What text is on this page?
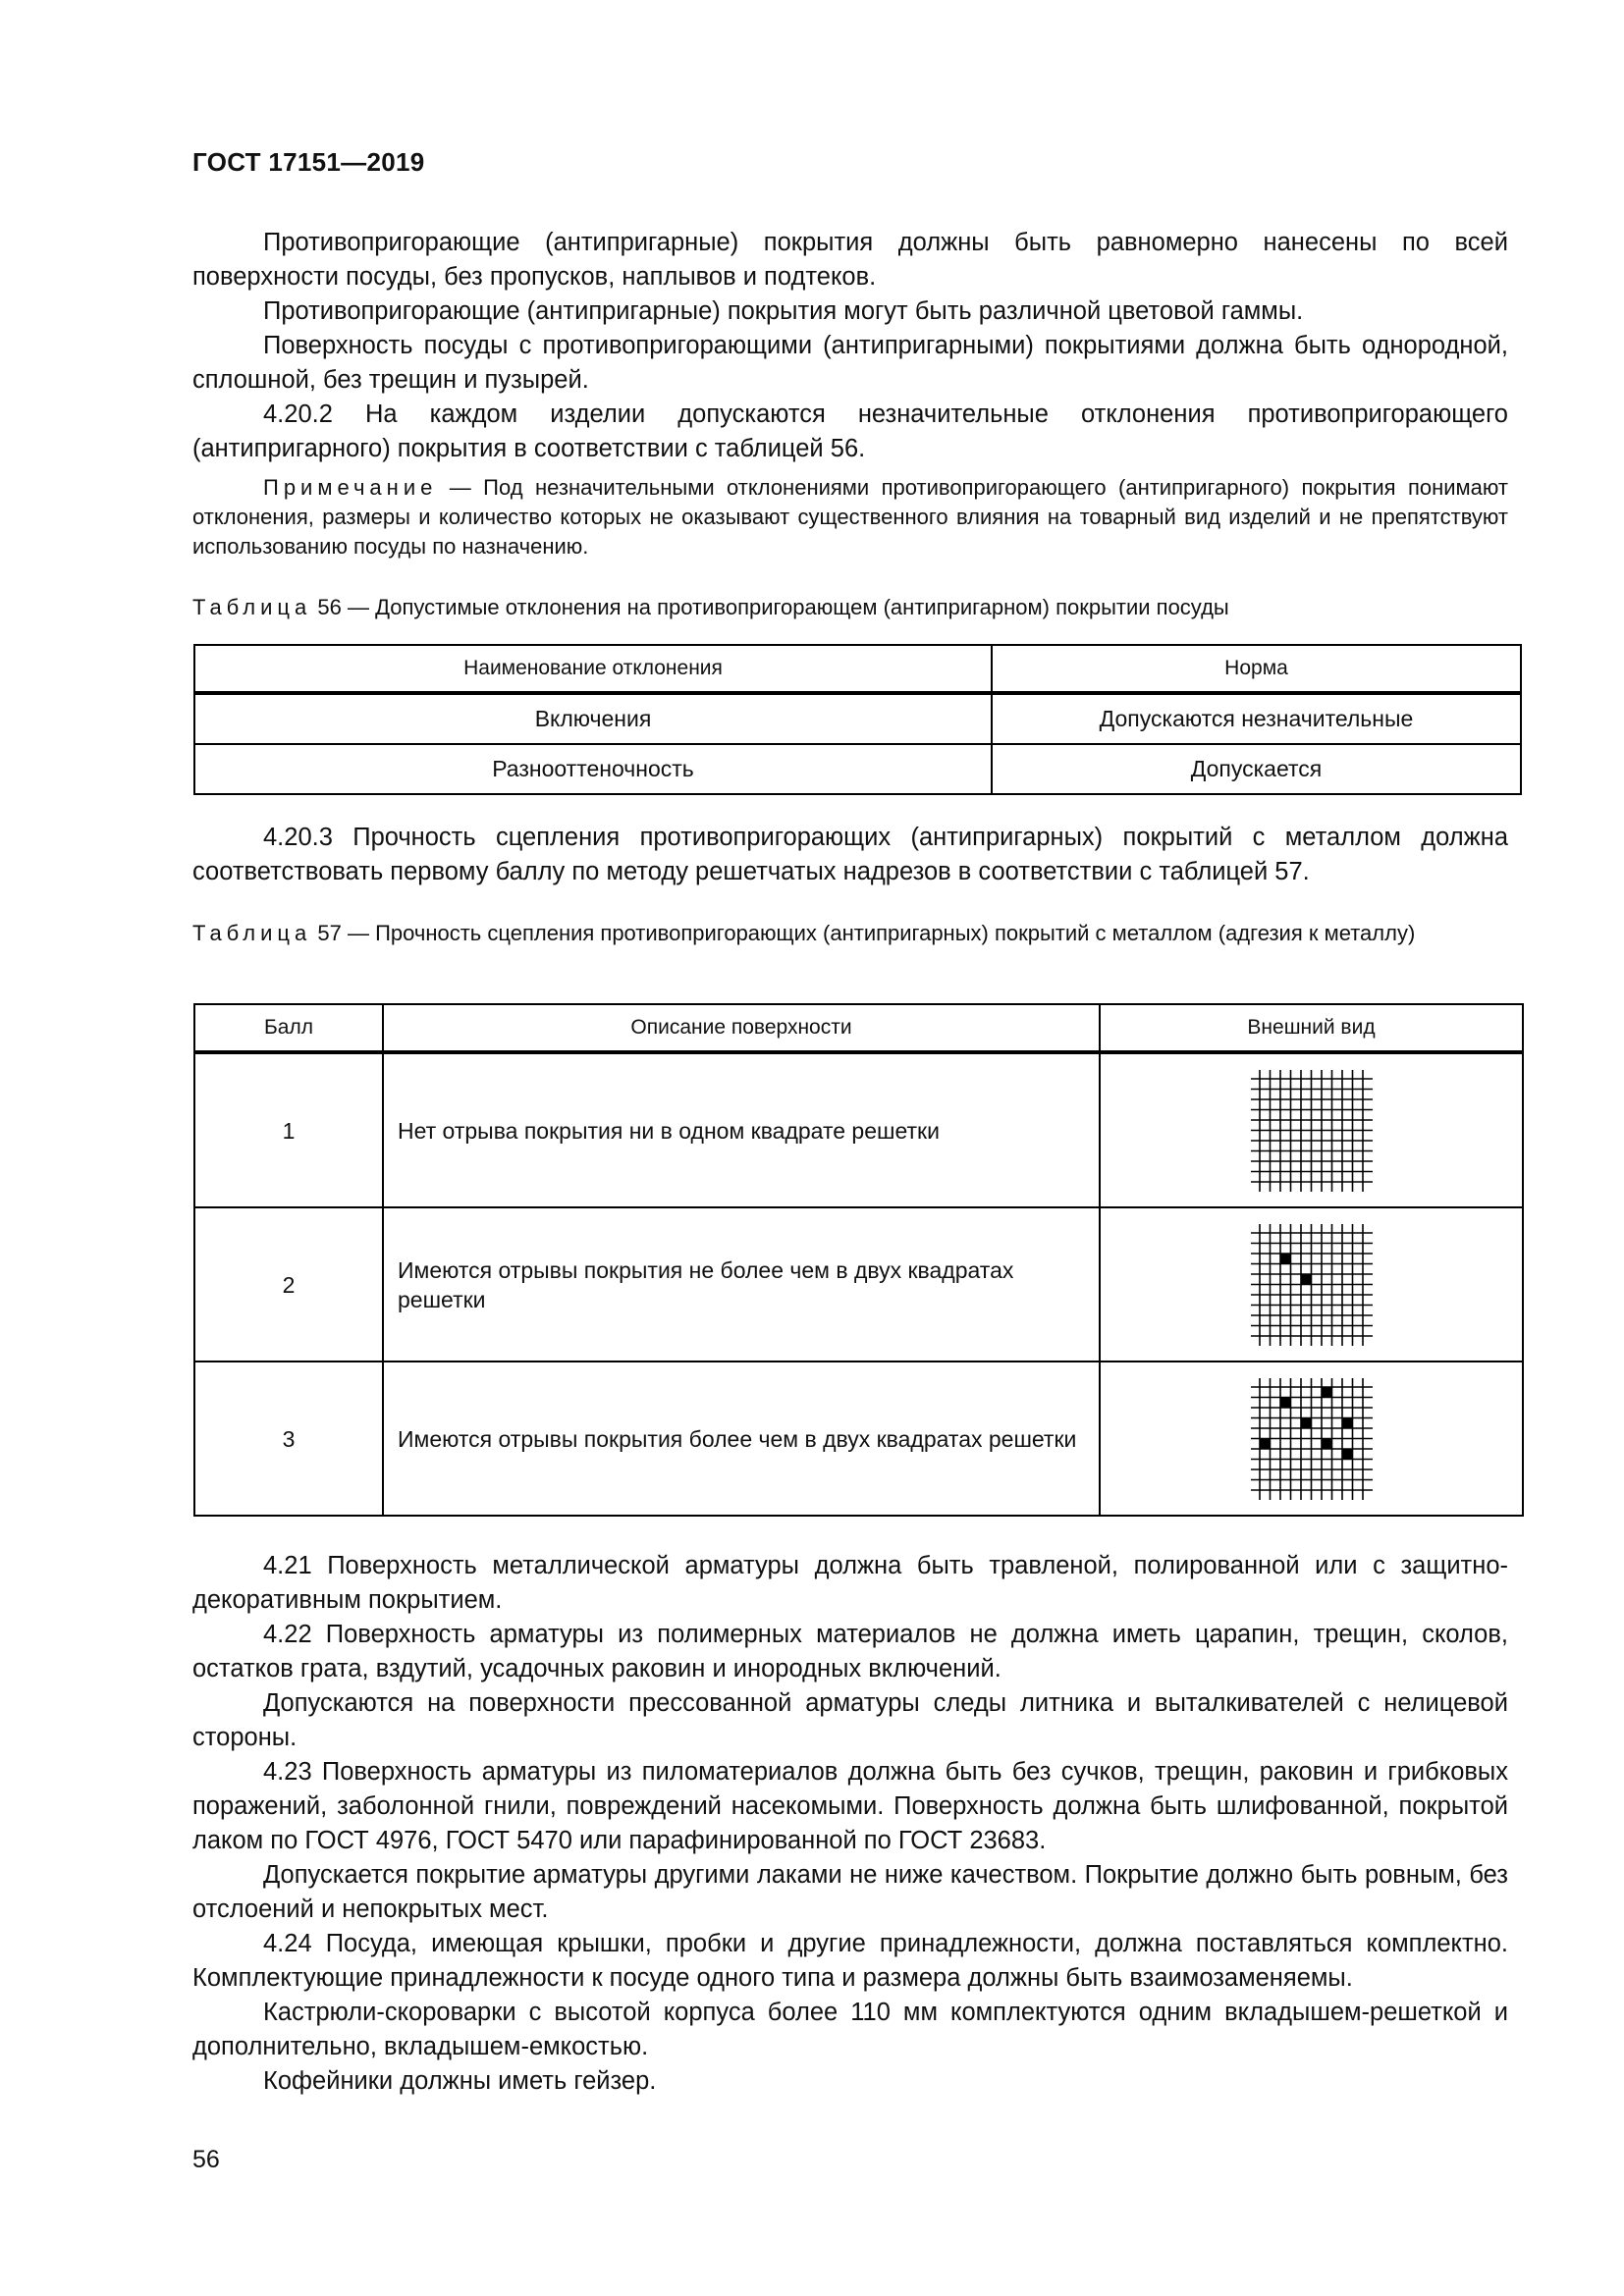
ГОСТ 17151—2019

Противопригорающие (антипригарные) покрытия должны быть равномерно нанесены по всей поверхности посуды, без пропусков, наплывов и подтеков.

Противопригорающие (антипригарные) покрытия могут быть различной цветовой гаммы.

Поверхность посуды с противопригорающими (антипригарными) покрытиями должна быть однородной, сплошной, без трещин и пузырей.

4.20.2 На каждом изделии допускаются незначительные отклонения противопригорающего (антипригарного) покрытия в соответствии с таблицей 56.

Примечание — Под незначительными отклонениями противопригорающего (антипригарного) покрытия понимают отклонения, размеры и количество которых не оказывают существенного влияния на товарный вид изделий и не препятствуют использованию посуды по назначению.

Таблица 56 — Допустимые отклонения на противопригорающем (антипригарном) покрытии посуды

Наименование отклонения	Норма
Включения	Допускаются незначительные
Разнооттеночность	Допускается

4.20.3 Прочность сцепления противопригорающих (антипригарных) покрытий с металлом должна соответствовать первому баллу по методу решетчатых надрезов в соответствии с таблицей 57.

Таблица 57 — Прочность сцепления противопригорающих (антипригарных) покрытий с металлом (адгезия к металлу)

Балл	Описание поверхности	Внешний вид
1	Нет отрыва покрытия ни в одном квадрате решетки	

2	Имеются отрывы покрытия не более чем в двух квадратах решетки	

3	Имеются отрывы покрытия более чем в двух квадратах решетки	

4.21 Поверхность металлической арматуры должна быть травленой, полированной или с защитно-декоративным покрытием.

4.22 Поверхность арматуры из полимерных материалов не должна иметь царапин, трещин, сколов, остатков грата, вздутий, усадочных раковин и инородных включений.

Допускаются на поверхности прессованной арматуры следы литника и выталкивателей с нелицевой стороны.

4.23 Поверхность арматуры из пиломатериалов должна быть без сучков, трещин, раковин и грибковых поражений, заболонной гнили, повреждений насекомыми. Поверхность должна быть шлифованной, покрытой лаком по ГОСТ 4976, ГОСТ 5470 или парафинированной по ГОСТ 23683.

Допускается покрытие арматуры другими лаками не ниже качеством. Покрытие должно быть ровным, без отслоений и непокрытых мест.

4.24 Посуда, имеющая крышки, пробки и другие принадлежности, должна поставляться комплектно. Комплектующие принадлежности к посуде одного типа и размера должны быть взаимозаменяемы.

Кастрюли-скороварки с высотой корпуса более 110 мм комплектуются одним вкладышем-решеткой и дополнительно, вкладышем-емкостью.

Кофейники должны иметь гейзер.

56
